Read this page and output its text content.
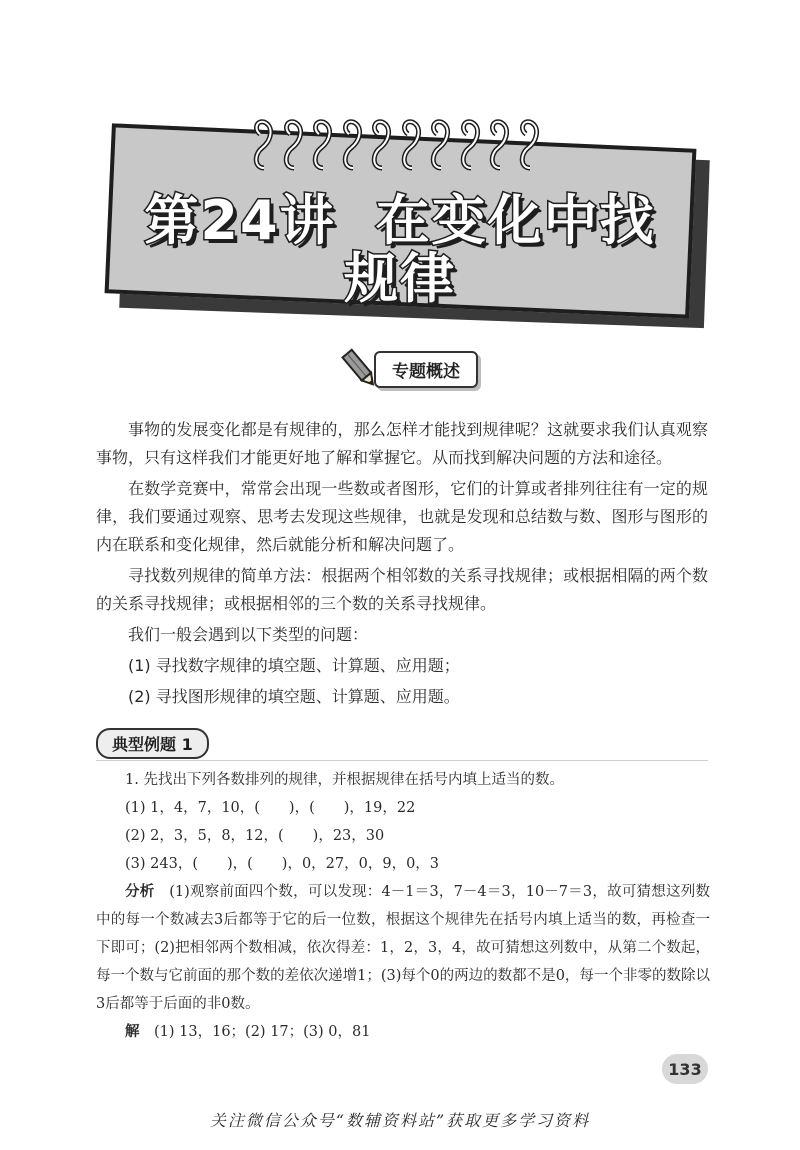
第24讲 在变化中找
规律
专题概述

事物的发展变化都是有规律的，那么怎样才能找到规律呢？这就要求我们认真观察事物，只有这样我们才能更好地了解和掌握它。从而找到解决问题的方法和途径。

在数学竞赛中，常常会出现一些数或者图形，它们的计算或者排列往往有一定的规律，我们要通过观察、思考去发现这些规律，也就是发现和总结数与数、图形与图形的内在联系和变化规律，然后就能分析和解决问题了。

寻找数列规律的简单方法：根据两个相邻数的关系寻找规律；或根据相隔的两个数的关系寻找规律；或根据相邻的三个数的关系寻找规律。

我们一般会遇到以下类型的问题：

(1) 寻找数字规律的填空题、计算题、应用题；

(2) 寻找图形规律的填空题、计算题、应用题。

典型例题 1

1. 先找出下列各数排列的规律，并根据规律在括号内填上适当的数。

(1) 1，4，7，10，(　　)，(　　)，19，22

(2) 2，3，5，8，12，(　　)，23，30

(3) 243，(　　)，(　　)，0，27，0，9，0，3

分析　 (1)观察前面四个数，可以发现：4－1＝3，7－4＝3，10－7＝3，故可猜想这列数中的每一个数减去3后都等于它的后一位数，根据这个规律先在括号内填上适当的数，再检查一下即可；(2)把相邻两个数相减，依次得差：1，2，3，4，故可猜想这列数中，从第二个数起，每一个数与它前面的那个数的差依次递增1；(3)每个0的两边的数都不是0，每一个非零的数除以3后都等于后面的非0数。

解　 (1) 13，16；(2) 17；(3) 0，81

133
关注微信公众号“数辅资料站”获取更多学习资料
